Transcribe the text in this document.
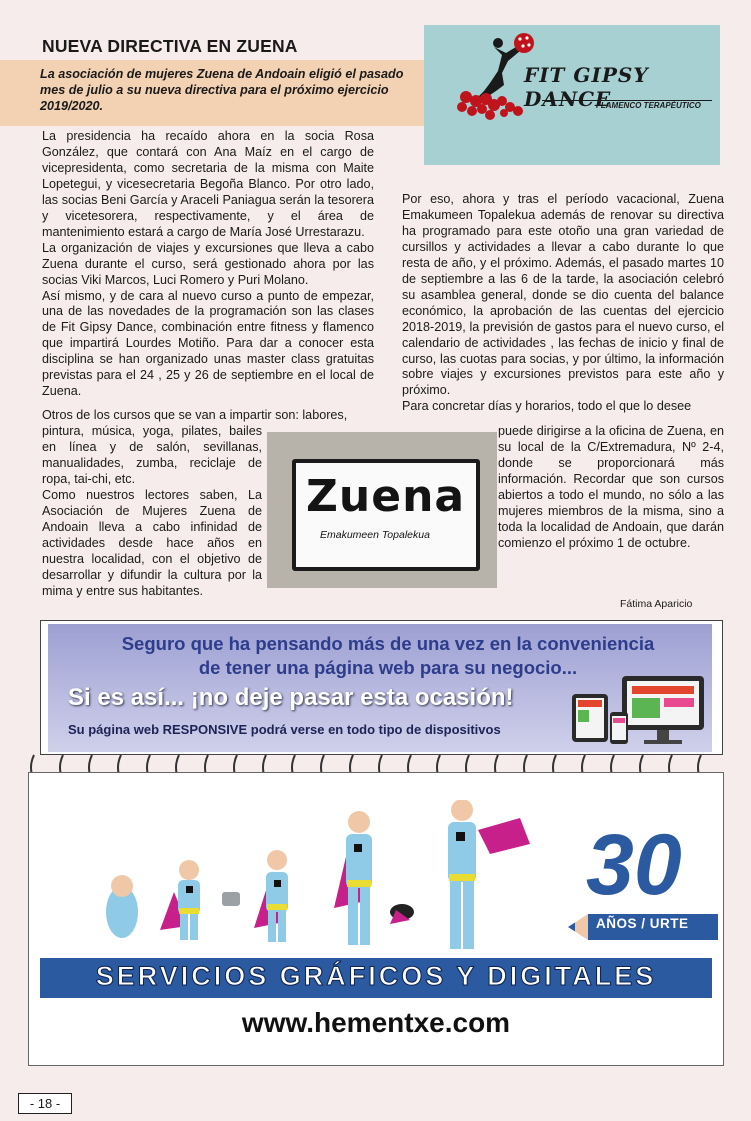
NUEVA DIRECTIVA EN ZUENA
La asociación de mujeres Zuena de Andoain eligió el pasado mes de julio a su nueva directiva para el próximo ejercicio 2019/2020.
FIT GIPSY DANCE
FLAMENCO TERAPÉUTICO

La presidencia ha recaído ahora en la socia Rosa González, que contará con Ana Maíz en el cargo de vicepresidenta, como secretaria de la misma con Maite Lopetegui, y vicesecretaria Begoña Blanco. Por otro lado, las socias Beni García y Araceli Paniagua serán la tesorera y vicetesorera, respectivamente, y el área de mantenimiento estará a cargo de María José Urrestarazu.

La organización de viajes y excursiones que lleva a cabo Zuena durante el curso, será gestionado ahora por las socias Viki Marcos, Luci Romero y Puri Molano.

Así mismo, y de cara al nuevo curso a punto de empezar, una de las novedades de la programación son las clases de Fit Gipsy Dance, combinación entre fitness y flamenco que impartirá Lourdes Motiño. Para dar a conocer esta disciplina se han organizado unas master class gratuitas previstas para el 24 , 25 y 26 de septiembre en el local de Zuena.

Otros de los cursos que se van a impartir son: labores,

pintura, música, yoga, pilates, bailes en línea y de salón, sevillanas, manualidades, zumba, reciclaje de ropa, tai-chi, etc.

Como nuestros lectores saben, La Asociación de Mujeres Zuena de Andoain lleva a cabo infinidad de actividades desde hace años en nuestra localidad, con el objetivo de desarrollar y difundir la cultura por la mima y entre sus habitantes.

Zuena
Emakumeen Topalekua

Por eso, ahora y tras el período vacacional, Zuena Emakumeen Topalekua además de renovar su directiva ha programado para este otoño una gran variedad de cursillos y actividades a llevar a cabo durante lo que resta de año, y el próximo. Además, el pasado martes 10 de septiembre a las 6 de la tarde, la asociación celebró su asamblea general, donde se dio cuenta del balance económico, la aprobación de las cuentas del ejercicio 2018-2019, la previsión de gastos para el nuevo curso, el calendario de actividades , las fechas de inicio y final de curso, las cuotas para socias, y por último, la información sobre viajes y excursiones previstos para este año y próximo.

Para concretar días y horarios, todo el que lo desee

puede dirigirse a la oficina de Zuena, en su local de la C/Extremadura, Nº 2-4, donde se proporcionará más información. Recordar que son cursos abiertos a todo el mundo, no sólo a las mujeres miembros de la misma, sino a toda la localidad de Andoain, que darán comienzo el próximo 1 de octubre.

Fátima Aparicio
Seguro que ha pensando más de una vez en la conveniencia
de tener una página web para su negocio...
Si es así... ¡no deje pasar esta ocasión!
Su página web RESPONSIVE podrá verse en todo tipo de dispositivos
30
AÑOS / URTE
SERVICIOS GRÁFICOS Y DIGITALES
www.hementxe.com
- 18 -
